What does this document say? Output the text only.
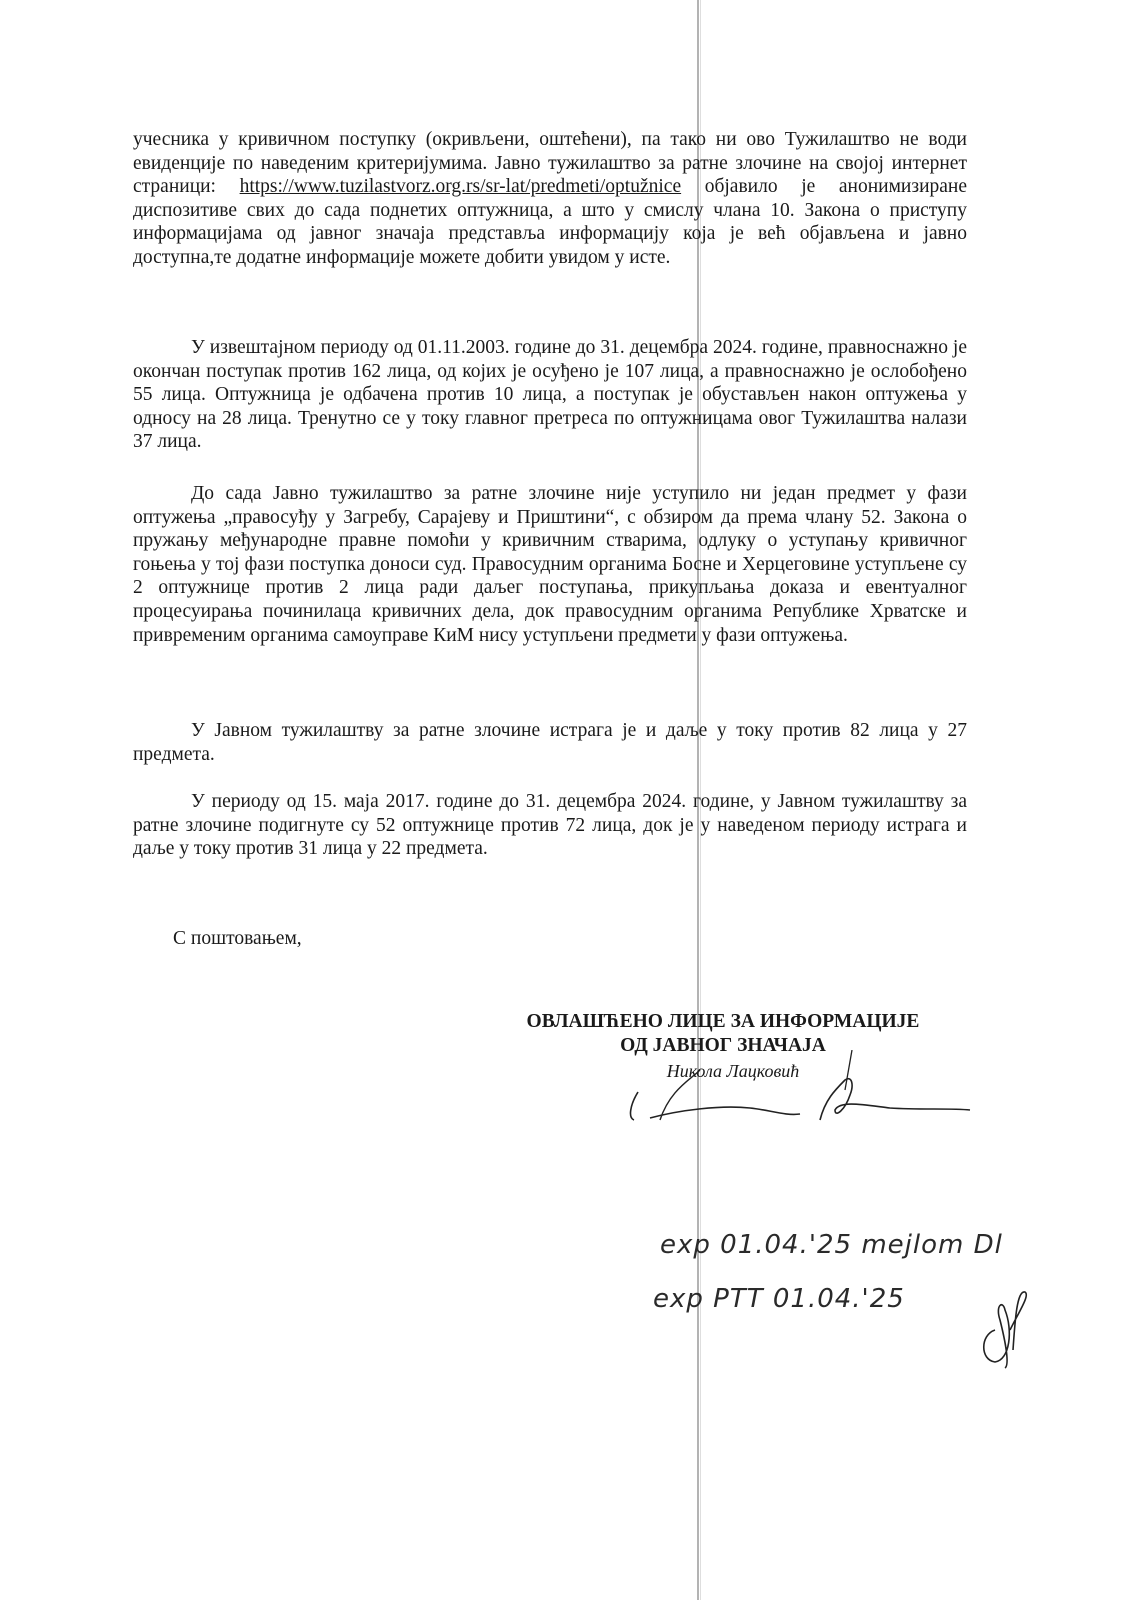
учесника у кривичном поступку (окривљени, оштећени), па тако ни ово Тужилаштво не води евиденције по наведеним критеријумима. Јавно тужилаштво за ратне злочине на својој интернет страници: https://www.tuzilastvorz.org.rs/sr-lat/predmeti/optužnice објавило је анонимизиране диспозитиве свих до сада поднетих оптужница, а што у смислу члана 10. Закона о приступу информацијама од јавног значаја представља информацију која је већ објављена и јавно доступна,те додатне информације можете добити увидом у исте.

У извештајном периоду од 01.11.2003. године до 31. децембра 2024. године, правноснажно је окончан поступак против 162 лица, од којих је осуђено је 107 лица, а правноснажно је ослобођено 55 лица. Оптужница је одбачена против 10 лица, а поступак је обустављен након оптужења у односу на 28 лица. Тренутно се у току главног претреса по оптужницама овог Тужилаштва налази 37 лица.

До сада Јавно тужилаштво за ратне злочине није уступило ни један предмет у фази оптужења „правосуђу у Загребу, Сарајеву и Приштини“, с обзиром да према члану 52. Закона о пружању међународне правне помоћи у кривичним стварима, одлуку о уступању кривичног гоњења у тој фази поступка доноси суд. Правосудним органима Босне и Херцеговине уступљене су 2 оптужнице против 2 лица ради даљег поступања, прикупљања доказа и евентуалног процесуирања починилаца кривичних дела, док правосудним органима Републике Хрватске и привременим органима самоуправе КиМ нису уступљени предмети у фази оптужења.

У Јавном тужилаштву за ратне злочине истрага је и даље у току против 82 лица у 27 предмета.

У периоду од 15. маја 2017. године до 31. децембра 2024. године, у Јавном тужилаштву за ратне злочине подигнуте су 52 оптужнице против 72 лица, док је у наведеном периоду истрага и даље у току против 31 лица у 22 предмета.

С поштовањем,

ОВЛАШЋЕНО ЛИЦЕ ЗА ИНФОРМАЦИЈЕ

ОД ЈАВНОГ ЗНАЧАЈА

Никола Лацковић
exp 01.04.'25 mejlom Dl
exp PTT 01.04.'25
